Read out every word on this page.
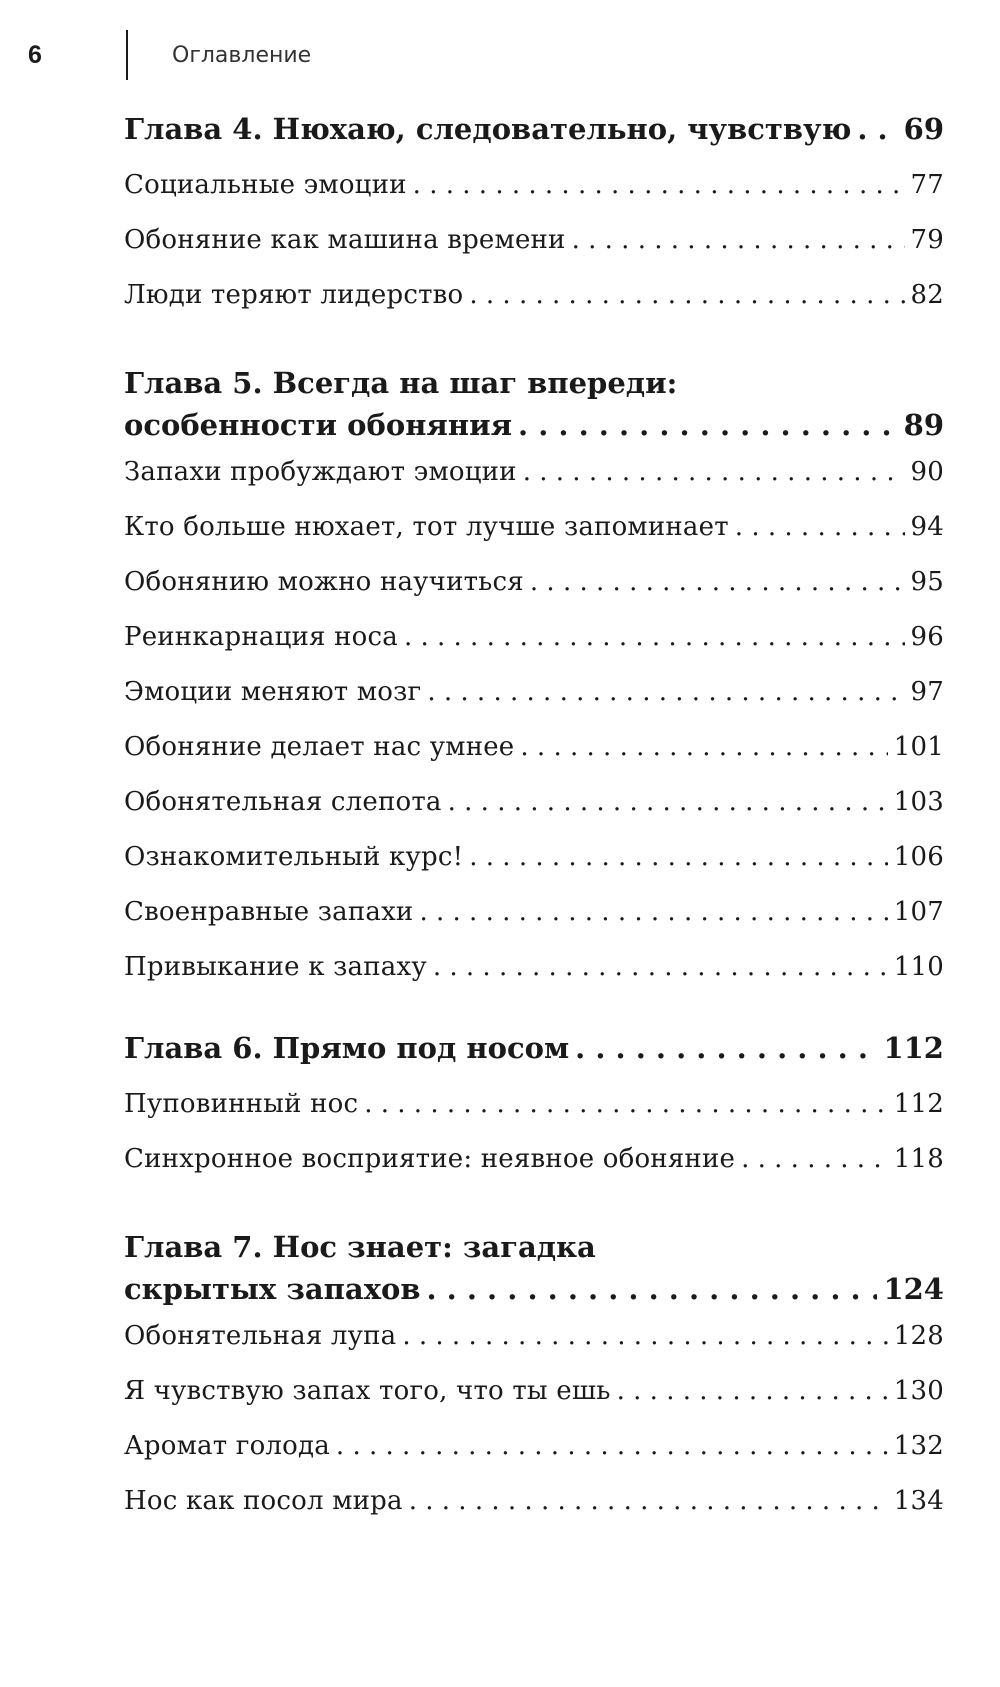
6	Оглавление
Глава 4. Нюхаю, следовательно, чувствую . . . 69
Социальные эмоции . . .	77
Обоняние как машина времени . . .	79
Люди теряют лидерство . . .	82
Глава 5. Всегда на шаг впереди:
особенности обоняния . . .	89
Запахи пробуждают эмоции . . .	90
Кто больше нюхает, тот лучше запоминает . . .	94
Обонянию можно научиться . . .	95
Реинкарнация носа . . .	96
Эмоции меняют мозг . . .	97
Обоняние делает нас умнее . . .	101
Обонятельная слепота . . .	103
Ознакомительный курс! . . .	106
Своенравные запахи . . .	107
Привыкание к запаху . . .	110
Глава 6. Прямо под носом . . .	112
Пуповинный нос . . .	112
Синхронное восприятие: неявное обоняние . . .	118
Глава 7. Нос знает: загадка
скрытых запахов . . .	124
Обонятельная лупа . . .	128
Я чувствую запах того, что ты ешь . . .	130
Аромат голода . . .	132
Нос как посол мира . . .	134
